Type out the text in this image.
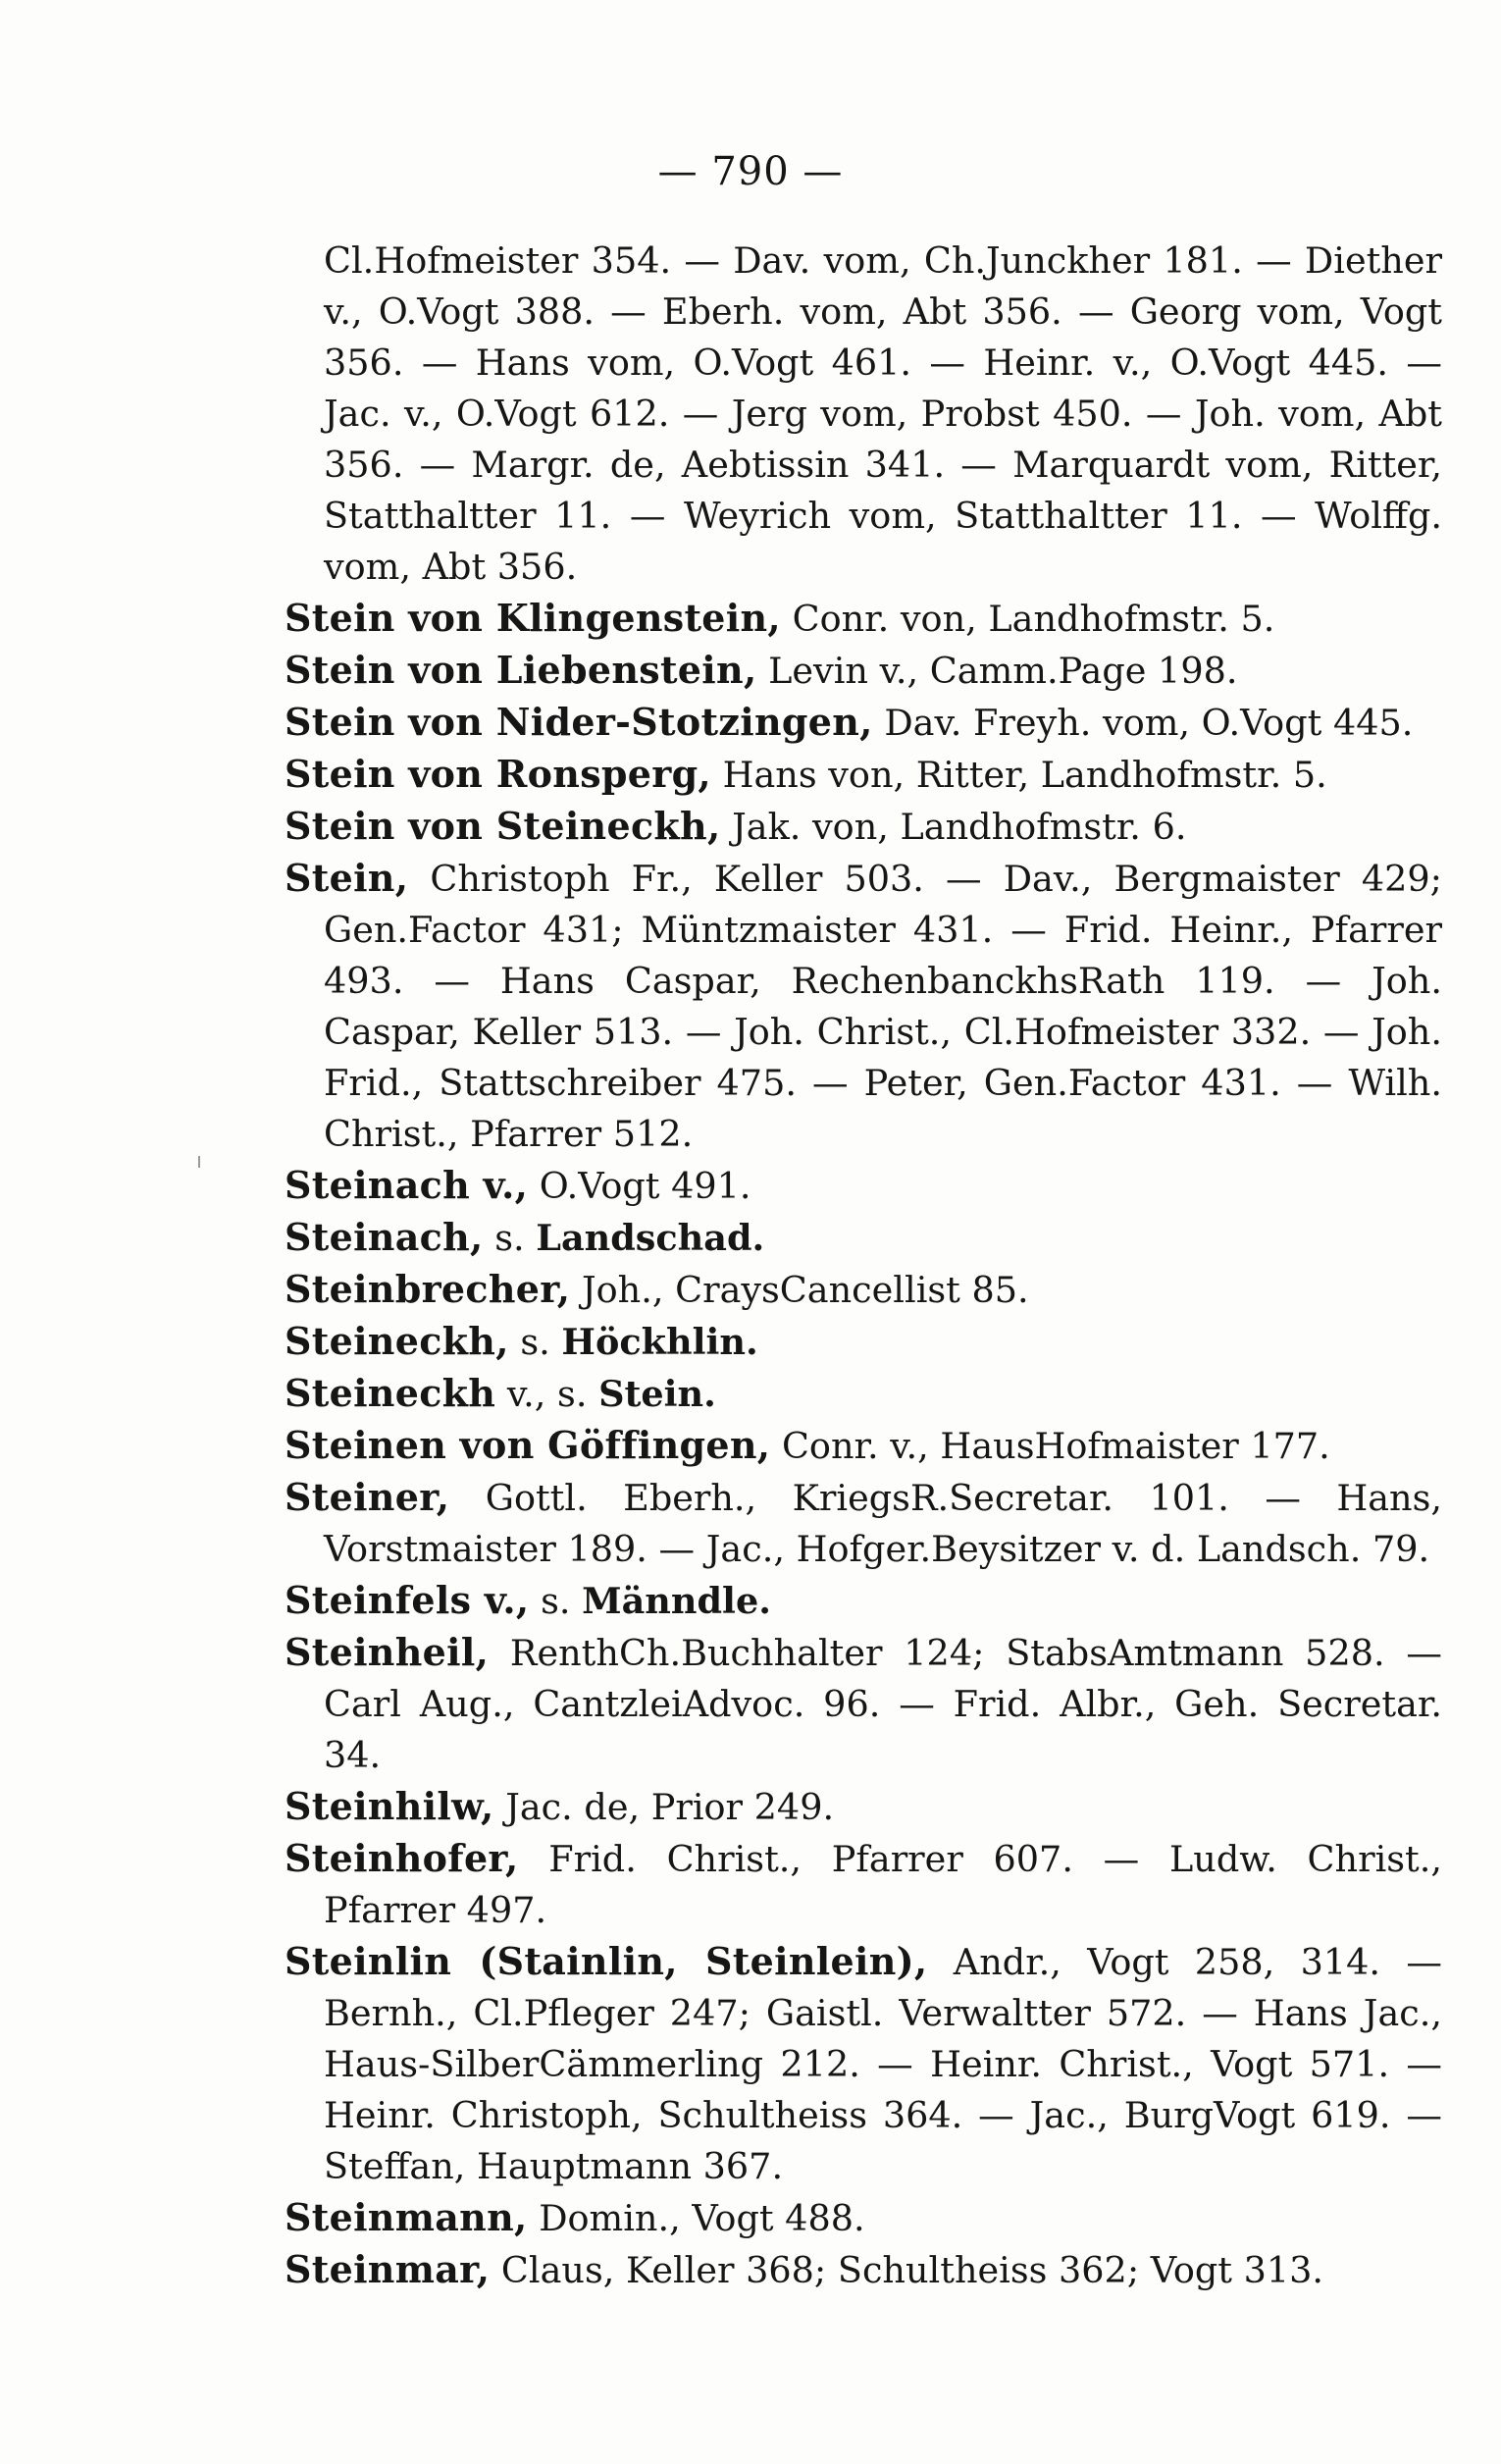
— 790 —

Cl.Hofmeister 354. — Dav. vom, Ch.Junckher 181. — Diether v., O.Vogt 388. — Eberh. vom, Abt 356. — Georg vom, Vogt 356. — Hans vom, O.Vogt 461. — Heinr. v., O.Vogt 445. — Jac. v., O.Vogt 612. — Jerg vom, Probst 450. — Joh. vom, Abt 356. — Margr. de, Aebtissin 341. — Marquardt vom, Ritter, Statthaltter 11. — Weyrich vom, Statthaltter 11. — Wolffg. vom, Abt 356.

Stein von Klingenstein, Conr. von, Landhofmstr. 5.

Stein von Liebenstein, Levin v., Camm.Page 198.

Stein von Nider-Stotzingen, Dav. Freyh. vom, O.Vogt 445.

Stein von Ronsperg, Hans von, Ritter, Landhofmstr. 5.

Stein von Steineckh, Jak. von, Landhofmstr. 6.

Stein, Christoph Fr., Keller 503. — Dav., Bergmaister 429; Gen.Factor 431; Müntzmaister 431. — Frid. Heinr., Pfarrer 493. — Hans Caspar, RechenbanckhsRath 119. — Joh. Caspar, Keller 513. — Joh. Christ., Cl.Hofmeister 332. — Joh. Frid., Stattschreiber 475. — Peter, Gen.Factor 431. — Wilh. Christ., Pfarrer 512.

Steinach v., O.Vogt 491.

Steinach, s. Landschad.

Steinbrecher, Joh., CraysCancellist 85.

Steineckh, s. Höckhlin.

Steineckh v., s. Stein.

Steinen von Göffingen, Conr. v., HausHofmaister 177.

Steiner, Gottl. Eberh., KriegsR.Secretar. 101. — Hans, Vorstmaister 189. — Jac., Hofger.Beysitzer v. d. Landsch. 79.

Steinfels v., s. Männdle.

Steinheil, RenthCh.Buchhalter 124; StabsAmtmann 528. — Carl Aug., CantzleiAdvoc. 96. — Frid. Albr., Geh. Secretar. 34.

Steinhilw, Jac. de, Prior 249.

Steinhofer, Frid. Christ., Pfarrer 607. — Ludw. Christ., Pfarrer 497.

Steinlin (Stainlin, Steinlein), Andr., Vogt 258, 314. — Bernh., Cl.Pfleger 247; Gaistl. Verwaltter 572. — Hans Jac., Haus-SilberCämmerling 212. — Heinr. Christ., Vogt 571. — Heinr. Christoph, Schultheiss 364. — Jac., BurgVogt 619. — Steffan, Hauptmann 367.

Steinmann, Domin., Vogt 488.

Steinmar, Claus, Keller 368; Schultheiss 362; Vogt 313.
